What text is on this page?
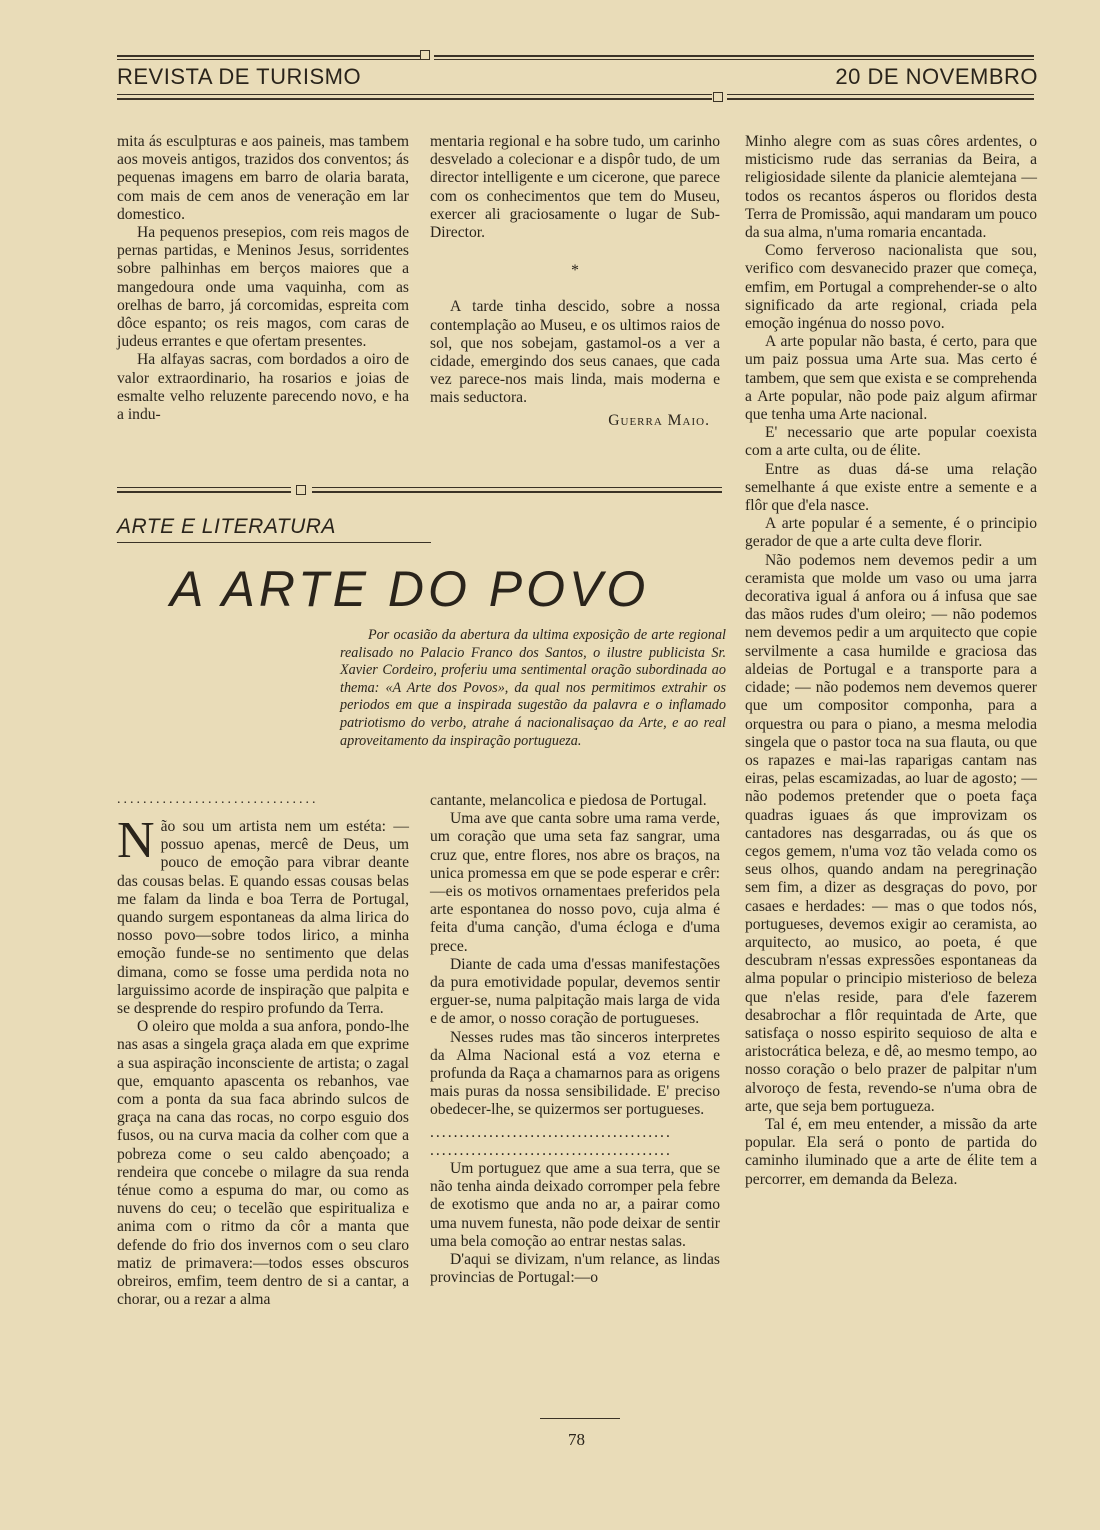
REVISTA DE TURISMO	20 DE NOVEMBRO

mita ás esculpturas e aos paineis, mas tambem aos moveis antigos, trazidos dos conventos; ás pequenas imagens em barro de olaria barata, com mais de cem anos de veneração em lar domestico.

Ha pequenos presepios, com reis magos de pernas partidas, e Meninos Jesus, sorridentes sobre palhinhas em berços maiores que a mangedoura onde uma vaquinha, com as orelhas de barro, já corcomidas, espreita com dôce espanto; os reis magos, com caras de judeus errantes e que ofertam presentes.

Ha alfayas sacras, com bordados a oiro de valor extraordinario, ha rosarios e joias de esmalte velho reluzente parecendo novo, e ha a indu-

mentaria regional e ha sobre tudo, um carinho desvelado a colecionar e a dispôr tudo, de um director intelligente e um cicerone, que parece com os conhecimentos que tem do Museu, exercer ali graciosamente o lugar de Sub-Director.

*

A tarde tinha descido, sobre a nossa contemplação ao Museu, e os ultimos raios de sol, que nos sobejam, gastamol-os a ver a cidade, emergindo dos seus canaes, que cada vez parece-nos mais linda, mais moderna e mais seductora.

Guerra Maio.

Minho alegre com as suas côres ardentes, o misticismo rude das serranias da Beira, a religiosidade silente da planicie alemtejana — todos os recantos ásperos ou floridos desta Terra de Promissão, aqui mandaram um pouco da sua alma, n'uma romaria encantada.

Como ferveroso nacionalista que sou, verifico com desvanecido prazer que começa, emfim, em Portugal a comprehender-se o alto significado da arte regional, criada pela emoção ingénua do nosso povo.

A arte popular não basta, é certo, para que um paiz possua uma Arte sua. Mas certo é tambem, que sem que exista e se comprehenda a Arte popular, não pode paiz algum afirmar que tenha uma Arte nacional.

E' necessario que arte popular coexista com a arte culta, ou de élite.

Entre as duas dá-se uma relação semelhante á que existe entre a semente e a flôr que d'ela nasce.

A arte popular é a semente, é o principio gerador de que a arte culta deve florir.

Não podemos nem devemos pedir a um ceramista que molde um vaso ou uma jarra decorativa igual á anfora ou á infusa que sae das mãos rudes d'um oleiro; — não podemos nem devemos pedir a um arquitecto que copie servilmente a casa humilde e graciosa das aldeias de Portugal e a transporte para a cidade; — não podemos nem devemos querer que um compositor componha, para a orquestra ou para o piano, a mesma melodia singela que o pastor toca na sua flauta, ou que os rapazes e mai-las raparigas cantam nas eiras, pelas escamizadas, ao luar de agosto; — não podemos pretender que o poeta faça quadras iguaes ás que improvizam os cantadores nas desgarradas, ou ás que os cegos gemem, n'uma voz tão velada como os seus olhos, quando andam na peregrinação sem fim, a dizer as desgraças do povo, por casaes e herdades: — mas o que todos nós, portugueses, devemos exigir ao ceramista, ao arquitecto, ao musico, ao poeta, é que descubram n'essas expressões espontaneas da alma popular o principio misterioso de beleza que n'elas reside, para d'ele fazerem desabrochar a flôr requintada de Arte, que satisfaça o nosso espirito sequioso de alta e aristocrática beleza, e dê, ao mesmo tempo, ao nosso coração o belo prazer de palpitar n'um alvoroço de festa, revendo-se n'uma obra de arte, que seja bem portugueza.

Tal é, em meu entender, a missão da arte popular. Ela será o ponto de partida do caminho iluminado que a arte de élite tem a percorrer, em demanda da Beleza.

ARTE E LITERATURA
A ARTE DO POVO
Por ocasião da abertura da ultima exposição de arte regional realisado no Palacio Franco dos Santos, o ilustre publicista Sr. Xavier Cordeiro, proferiu uma sentimental oração subordinada ao thema: «A Arte dos Povos», da qual nos permitimos extrahir os periodos em que a inspirada sugestão da palavra e o inflamado patriotismo do verbo, atrahe á nacionalisaçao da Arte, e ao real aproveitamento da inspiração portugueza.
...............................

Não sou um artista nem um estéta: —possuo apenas, mercê de Deus, um pouco de emoção para vibrar deante das cousas belas. E quando essas cousas belas me falam da linda e boa Terra de Portugal, quando surgem espontaneas da alma lirica do nosso povo—sobre todos lirico, a minha emoção funde-se no sentimento que delas dimana, como se fosse uma perdida nota no larguissimo acorde de inspiração que palpita e se desprende do respiro profundo da Terra.

O oleiro que molda a sua anfora, pondo-lhe nas asas a singela graça alada em que exprime a sua aspiração inconsciente de artista; o zagal que, emquanto apascenta os rebanhos, vae com a ponta da sua faca abrindo sulcos de graça na cana das rocas, no corpo esguio dos fusos, ou na curva macia da colher com que a pobreza come o seu caldo abençoado; a rendeira que concebe o milagre da sua renda ténue como a espuma do mar, ou como as nuvens do ceu; o tecelão que espiritualiza e anima com o ritmo da côr a manta que defende do frio dos invernos com o seu claro matiz de primavera:—todos esses obscuros obreiros, emfim, teem dentro de si a cantar, a chorar, ou a rezar a alma

cantante, melancolica e piedosa de Portugal.

Uma ave que canta sobre uma rama verde, um coração que uma seta faz sangrar, uma cruz que, entre flores, nos abre os braços, na unica promessa em que se pode esperar e crêr: —eis os motivos ornamentaes preferidos pela arte espontanea do nosso povo, cuja alma é feita d'uma canção, d'uma écloga e d'uma prece.

Diante de cada uma d'essas manifestações da pura emotividade popular, devemos sentir erguer-se, numa palpitação mais larga de vida e de amor, o nosso coração de portugueses.

Nesses rudes mas tão sinceros interpretes da Alma Nacional está a voz eterna e profunda da Raça a chamarnos para as origens mais puras da nossa sensibilidade. E' preciso obedecer-lhe, se quizermos ser portugueses.

.........................................

.........................................

Um portuguez que ame a sua terra, que se não tenha ainda deixado corromper pela febre de exotismo que anda no ar, a pairar como uma nuvem funesta, não pode deixar de sentir uma bela comoção ao entrar nestas salas.

D'aqui se divizam, n'um relance, as lindas provincias de Portugal:—o

78
